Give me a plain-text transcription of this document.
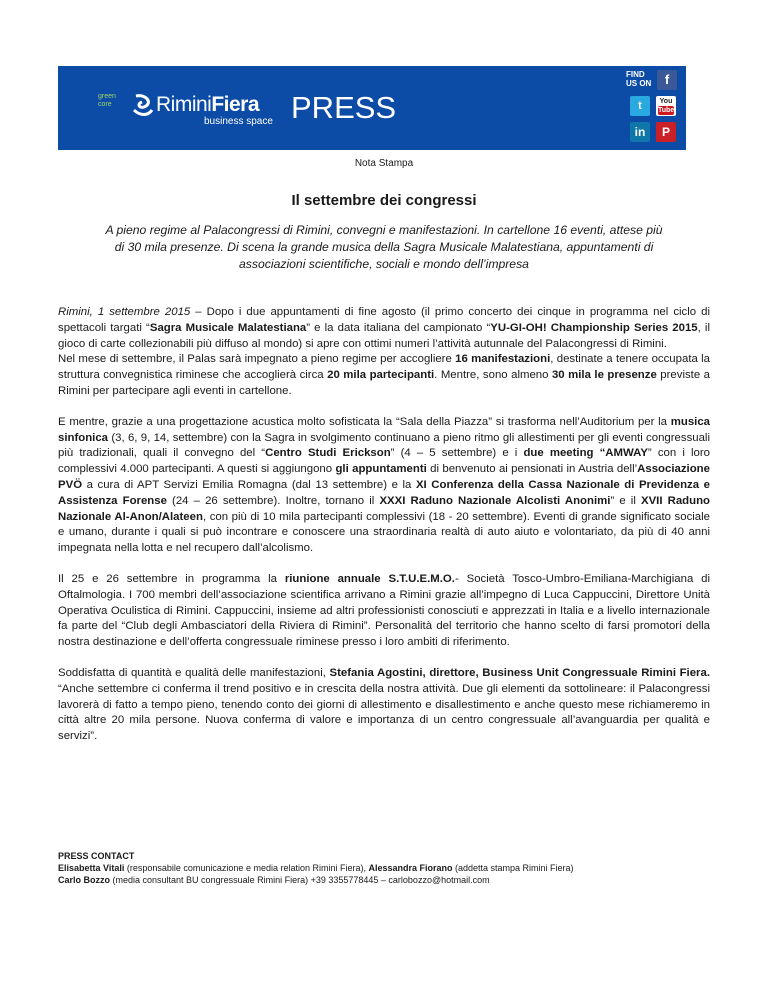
green
core RiminiFiera
business space PRESS
FIND
US ON	f
t	You
Tube
in	P
Nota Stampa
Il settembre dei congressi
A pieno regime al Palacongressi di Rimini, convegni e manifestazioni. In cartellone 16 eventi, attese più di 30 mila presenze. Di scena la grande musica della Sagra Musicale Malatestiana, appuntamenti di associazioni scientifiche, sociali e mondo dell’impresa

Rimini, 1 settembre 2015 – Dopo i due appuntamenti di fine agosto (il primo concerto dei cinque in programma nel ciclo di spettacoli targati “Sagra Musicale Malatestiana” e la data italiana del campionato “YU-GI-OH! Championship Series 2015, il gioco di carte collezionabili più diffuso al mondo) si apre con ottimi numeri l’attività autunnale del Palacongressi di Rimini.

Nel mese di settembre, il Palas sarà impegnato a pieno regime per accogliere 16 manifestazioni, destinate a tenere occupata la struttura convegnistica riminese che accoglierà circa 20 mila partecipanti. Mentre, sono almeno 30 mila le presenze previste a Rimini per partecipare agli eventi in cartellone.

E mentre, grazie a una progettazione acustica molto sofisticata la “Sala della Piazza” si trasforma nell’Auditorium per la musica sinfonica (3, 6, 9, 14, settembre) con la Sagra in svolgimento continuano a pieno ritmo gli allestimenti per gli eventi congressuali più tradizionali, quali il convegno del “Centro Studi Erickson” (4 – 5 settembre) e i due meeting “AMWAY” con i loro complessivi 4.000 partecipanti. A questi si aggiungono gli appuntamenti di benvenuto ai pensionati in Austria dell’Associazione PVÖ a cura di APT Servizi Emilia Romagna (dal 13 settembre) e la XI Conferenza della Cassa Nazionale di Previdenza e Assistenza Forense (24 – 26 settembre). Inoltre, tornano il XXXI Raduno Nazionale Alcolisti Anonimi” e il XVII Raduno Nazionale Al-Anon/Alateen, con più di 10 mila partecipanti complessivi (18 - 20 settembre). Eventi di grande significato sociale e umano, durante i quali si può incontrare e conoscere una straordinaria realtà di auto aiuto e volontariato, da più di 40 anni impegnata nella lotta e nel recupero dall’alcolismo.

Il 25 e 26 settembre in programma la riunione annuale S.T.U.E.M.O.- Società Tosco-Umbro-Emiliana-Marchigiana di Oftalmologia. I 700 membri dell’associazione scientifica arrivano a Rimini grazie all’impegno di Luca Cappuccini, Direttore Unità Operativa Oculistica di Rimini. Cappuccini, insieme ad altri professionisti conosciuti e apprezzati in Italia e a livello internazionale fa parte del “Club degli Ambasciatori della Riviera di Rimini”. Personalità del territorio che hanno scelto di farsi promotori della nostra destinazione e dell’offerta congressuale riminese presso i loro ambiti di riferimento.

Soddisfatta di quantità e qualità delle manifestazioni, Stefania Agostini, direttore, Business Unit Congressuale Rimini Fiera. “Anche settembre ci conferma il trend positivo e in crescita della nostra attività. Due gli elementi da sottolineare: il Palacongressi lavorerà di fatto a tempo pieno, tenendo conto dei giorni di allestimento e disallestimento e anche questo mese richiameremo in città altre 20 mila persone. Nuova conferma di valore e importanza di un centro congressuale all’avanguardia per qualità e servizi”.

PRESS CONTACT
Elisabetta Vitali (responsabile comunicazione e media relation Rimini Fiera), Alessandra Fiorano (addetta stampa Rimini Fiera)
Carlo Bozzo (media consultant BU congressuale Rimini Fiera) +39 3355778445 – carlobozzo@hotmail.com
